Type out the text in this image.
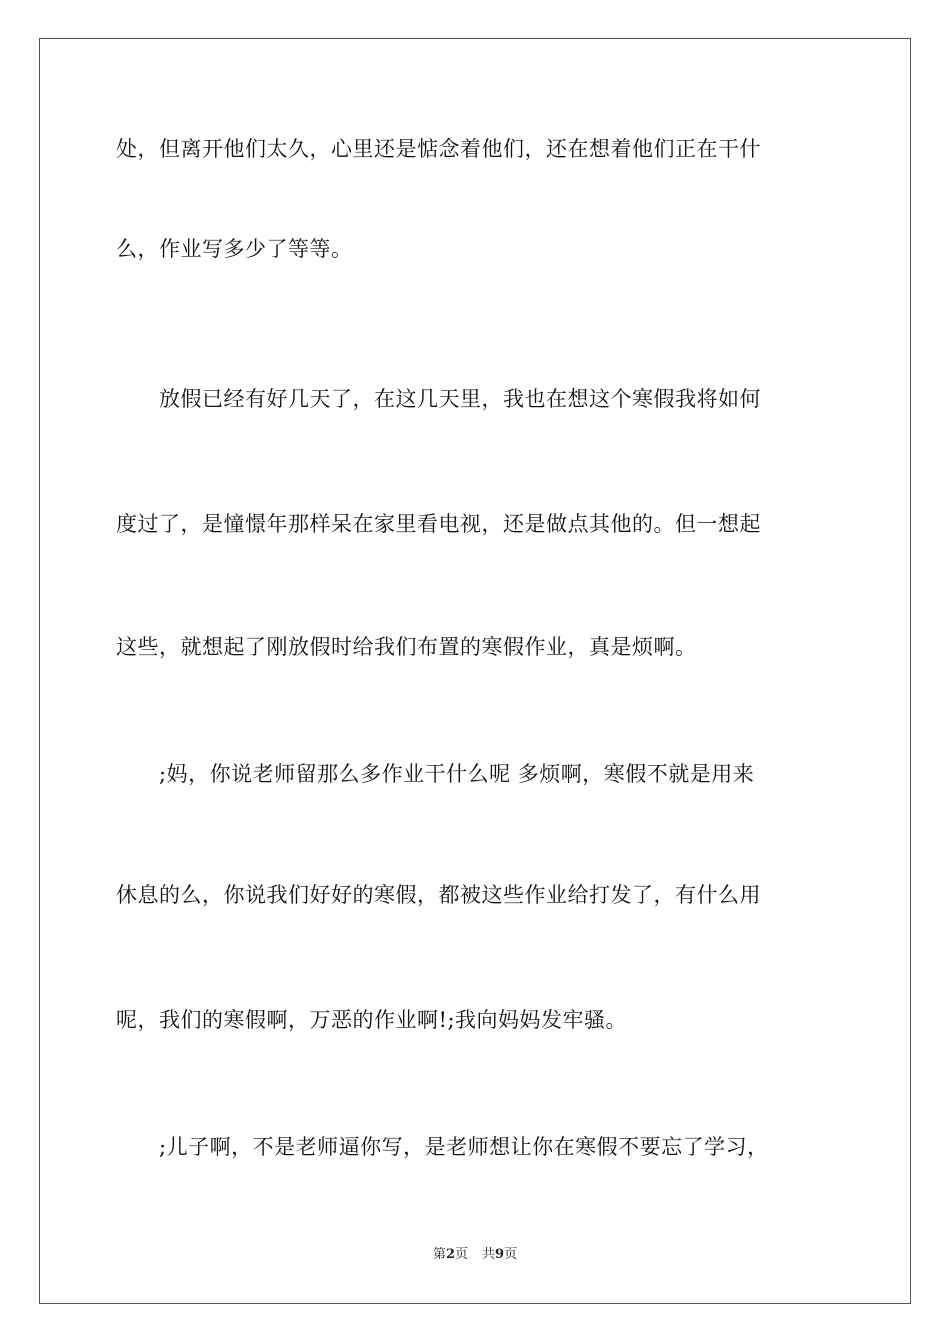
处，但离开他们太久，心里还是惦念着他们，还在想着他们正在干什
么，作业写多少了等等。
　　放假已经有好几天了，在这几天里，我也在想这个寒假我将如何
度过了，是憧憬年那样呆在家里看电视，还是做点其他的。但一想起
这些，就想起了刚放假时给我们布置的寒假作业，真是烦啊。
　　;妈，你说老师留那么多作业干什么呢 多烦啊，寒假不就是用来
休息的么，你说我们好好的寒假，都被这些作业给打发了，有什么用
呢，我们的寒假啊，万恶的作业啊!;我向妈妈发牢骚。
　　;儿子啊，不是老师逼你写，是老师想让你在寒假不要忘了学习，
第2页 共9页
